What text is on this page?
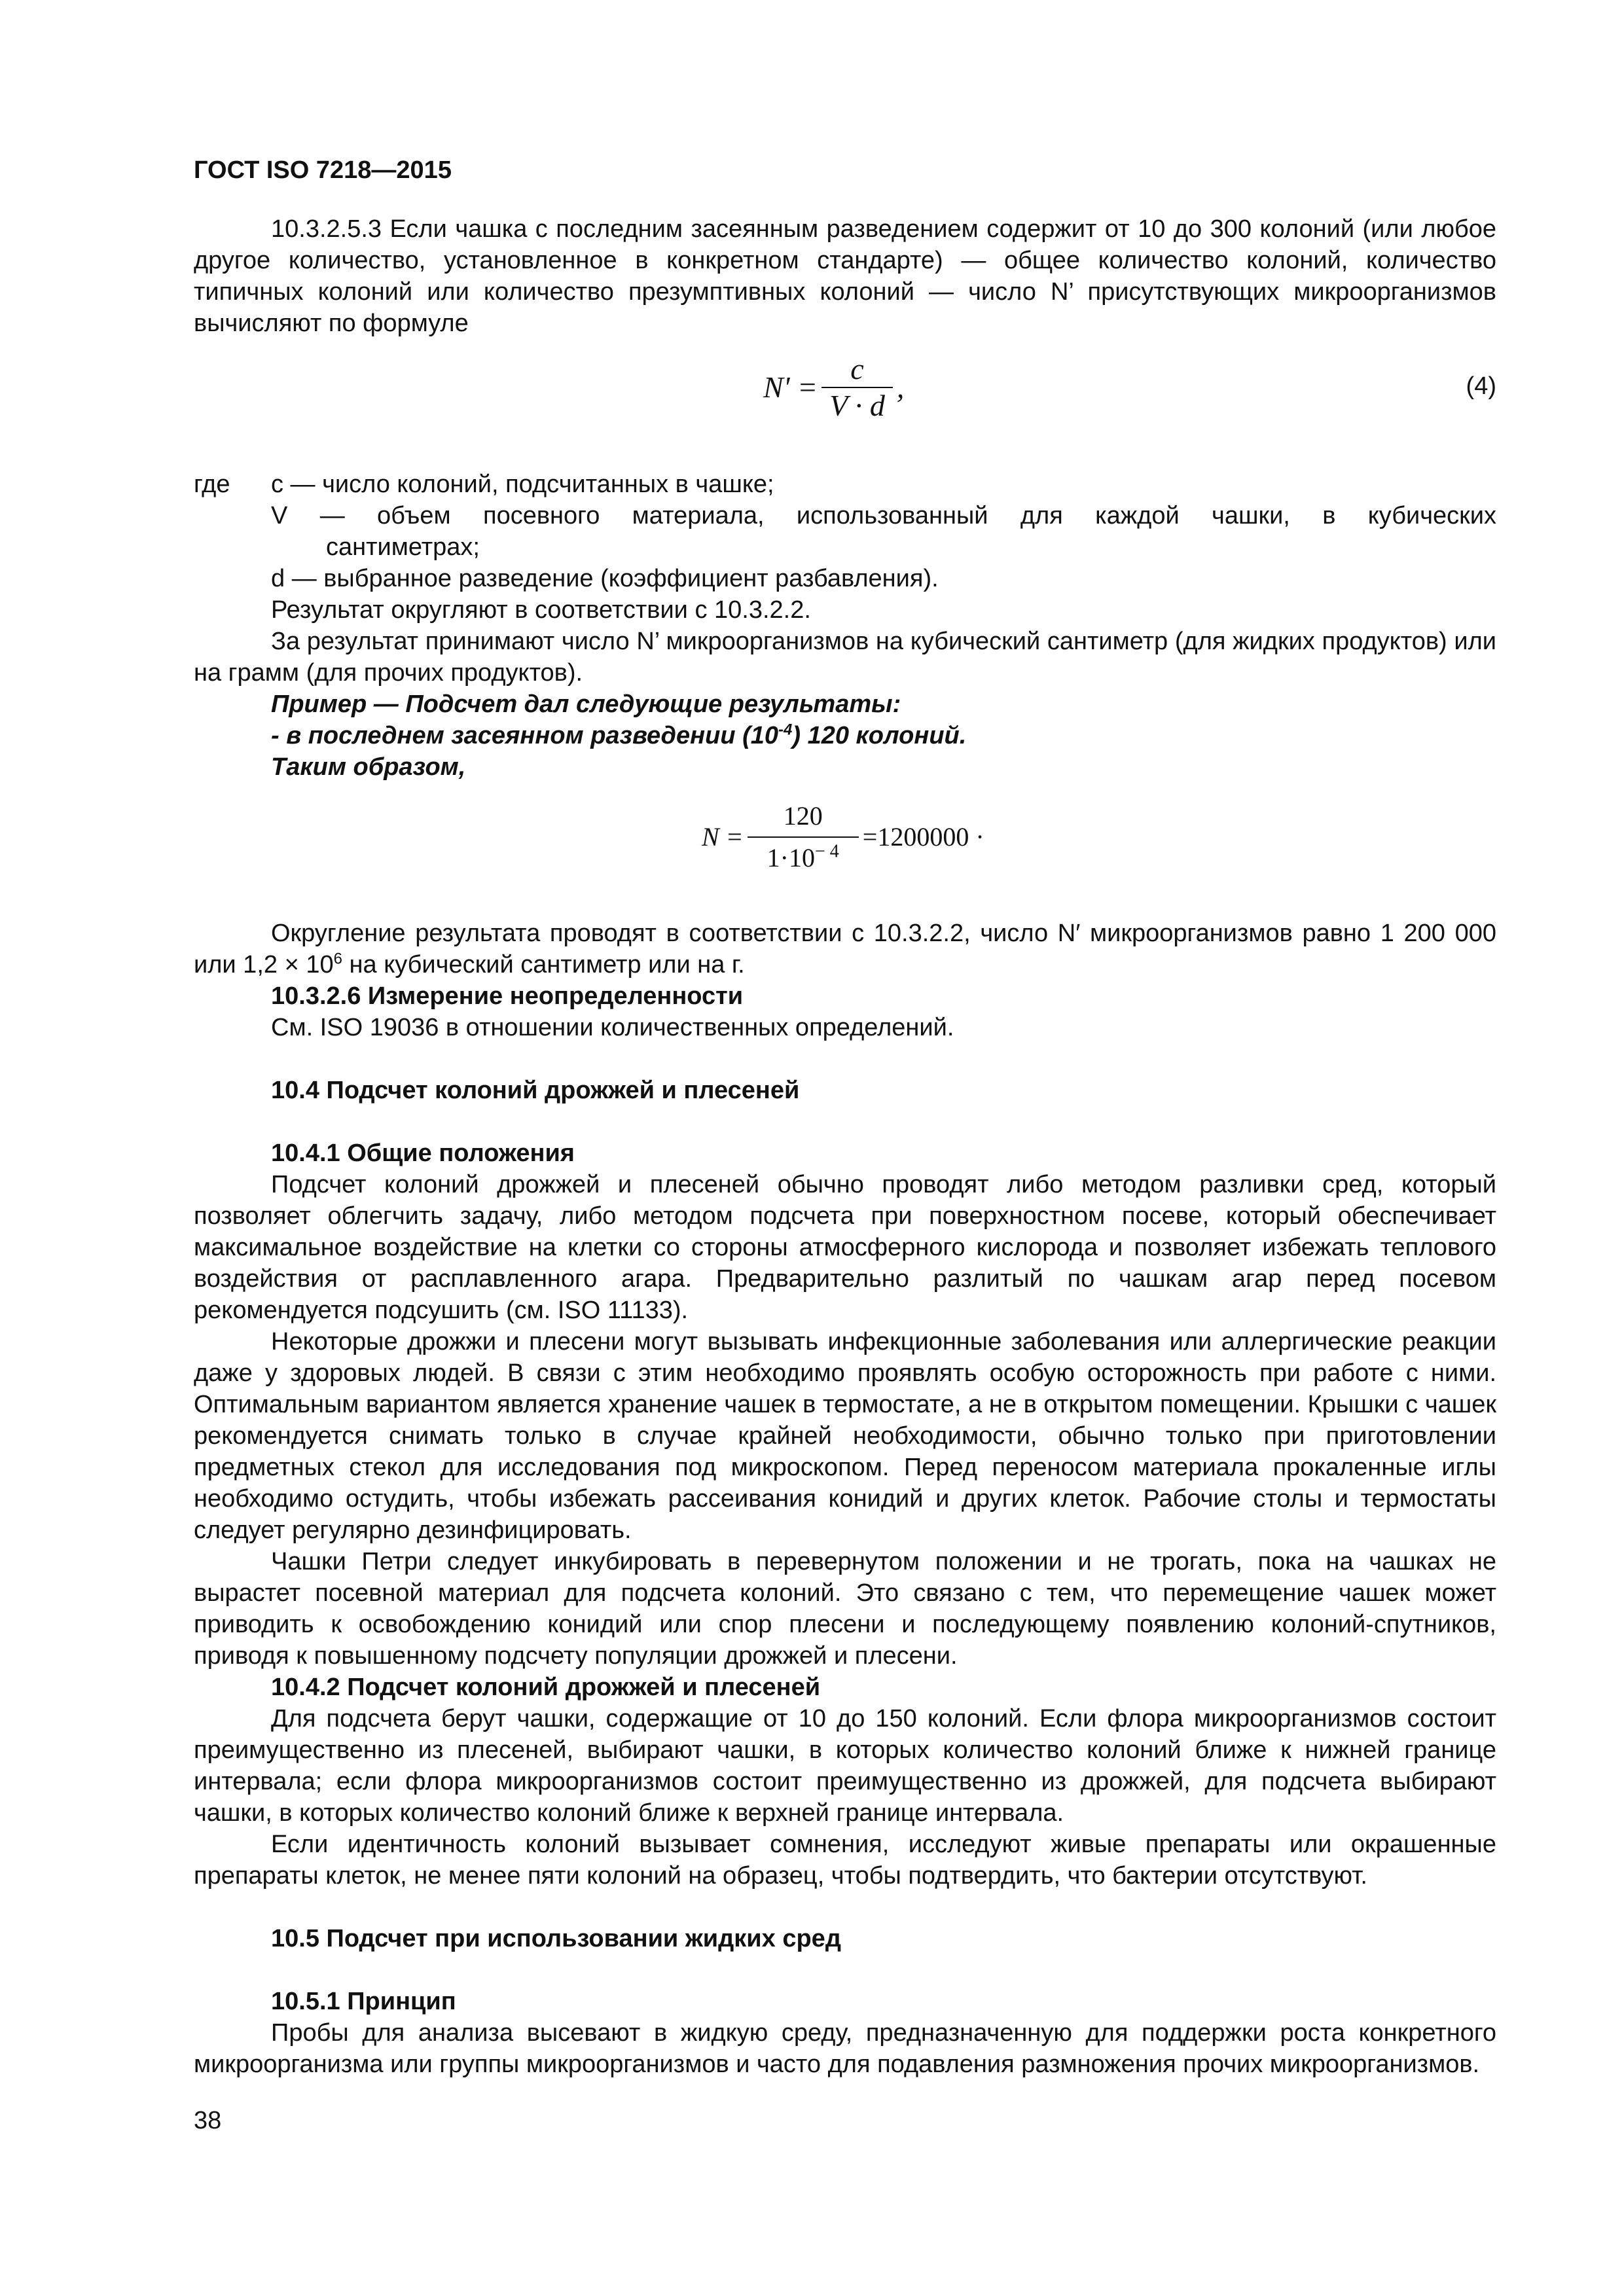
ГОСТ ISO 7218—2015

10.3.2.5.3 Если чашка с последним засеянным разведением содержит от 10 до 300 колоний (или любое другое количество, установленное в конкретном стандарте) — общее количество колоний, количество типичных колоний или количество презумптивных колоний — число N’ присутствующих микроорганизмов вычисляют по формуле

$N' = \frac{c}{V \cdot d}$ ,	(4)
где	c — число колоний, подсчитанных в чашке;

V — объем посевного материала, использованный для каждой чашки, в кубических

сантиметрах;

d — выбранное разведение (коэффициент разбавления).

Результат округляют в соответствии с 10.3.2.2.

За результат принимают число N’ микроорганизмов на кубический сантиметр (для жидких продуктов) или на грамм (для прочих продуктов).

Пример — Подсчет дал следующие результаты:

- в последнем засеянном разведении $(10^{-4})$ 120 колоний.

Таким образом,

$N = \frac{120}{1\cdot 10^{- 4}} =1200000$ ·

Округление результата проводят в соответствии с 10.3.2.2, число N′ микроорганизмов равно 1 200 000 или $1,2 \times 10^6$ на кубический сантиметр или на г.

10.3.2.6 Измерение неопределенности

См. ISO 19036 в отношении количественных определений.

10.4 Подсчет колоний дрожжей и плесеней

10.4.1 Общие положения

Подсчет колоний дрожжей и плесеней обычно проводят либо методом разливки сред, который позволяет облегчить задачу, либо методом подсчета при поверхностном посеве, который обеспечивает максимальное воздействие на клетки со стороны атмосферного кислорода и позволяет избежать теплового воздействия от расплавленного агара. Предварительно разлитый по чашкам агар перед посевом рекомендуется подсушить (см. ISO 11133).

Некоторые дрожжи и плесени могут вызывать инфекционные заболевания или аллергические реакции даже у здоровых людей. В связи с этим необходимо проявлять особую осторожность при работе с ними. Оптимальным вариантом является хранение чашек в термостате, а не в открытом помещении. Крышки с чашек рекомендуется снимать только в случае крайней необходимости, обычно только при приготовлении предметных стекол для исследования под микроскопом. Перед переносом материала прокаленные иглы необходимо остудить, чтобы избежать рассеивания конидий и других клеток. Рабочие столы и термостаты следует регулярно дезинфицировать.

Чашки Петри следует инкубировать в перевернутом положении и не трогать, пока на чашках не вырастет посевной материал для подсчета колоний. Это связано с тем, что перемещение чашек может приводить к освобождению конидий или спор плесени и последующему появлению колоний-спутников, приводя к повышенному подсчету популяции дрожжей и плесени.

10.4.2 Подсчет колоний дрожжей и плесеней

Для подсчета берут чашки, содержащие от 10 до 150 колоний. Если флора микроорганизмов состоит преимущественно из плесеней, выбирают чашки, в которых количество колоний ближе к нижней границе интервала; если флора микроорганизмов состоит преимущественно из дрожжей, для подсчета выбирают чашки, в которых количество колоний ближе к верхней границе интервала.

Если идентичность колоний вызывает сомнения, исследуют живые препараты или окрашенные препараты клеток, не менее пяти колоний на образец, чтобы подтвердить, что бактерии отсутствуют.

10.5 Подсчет при использовании жидких сред

10.5.1 Принцип

Пробы для анализа высевают в жидкую среду, предназначенную для поддержки роста конкретного микроорганизма или группы микроорганизмов и часто для подавления размножения прочих микроорганизмов.

38
